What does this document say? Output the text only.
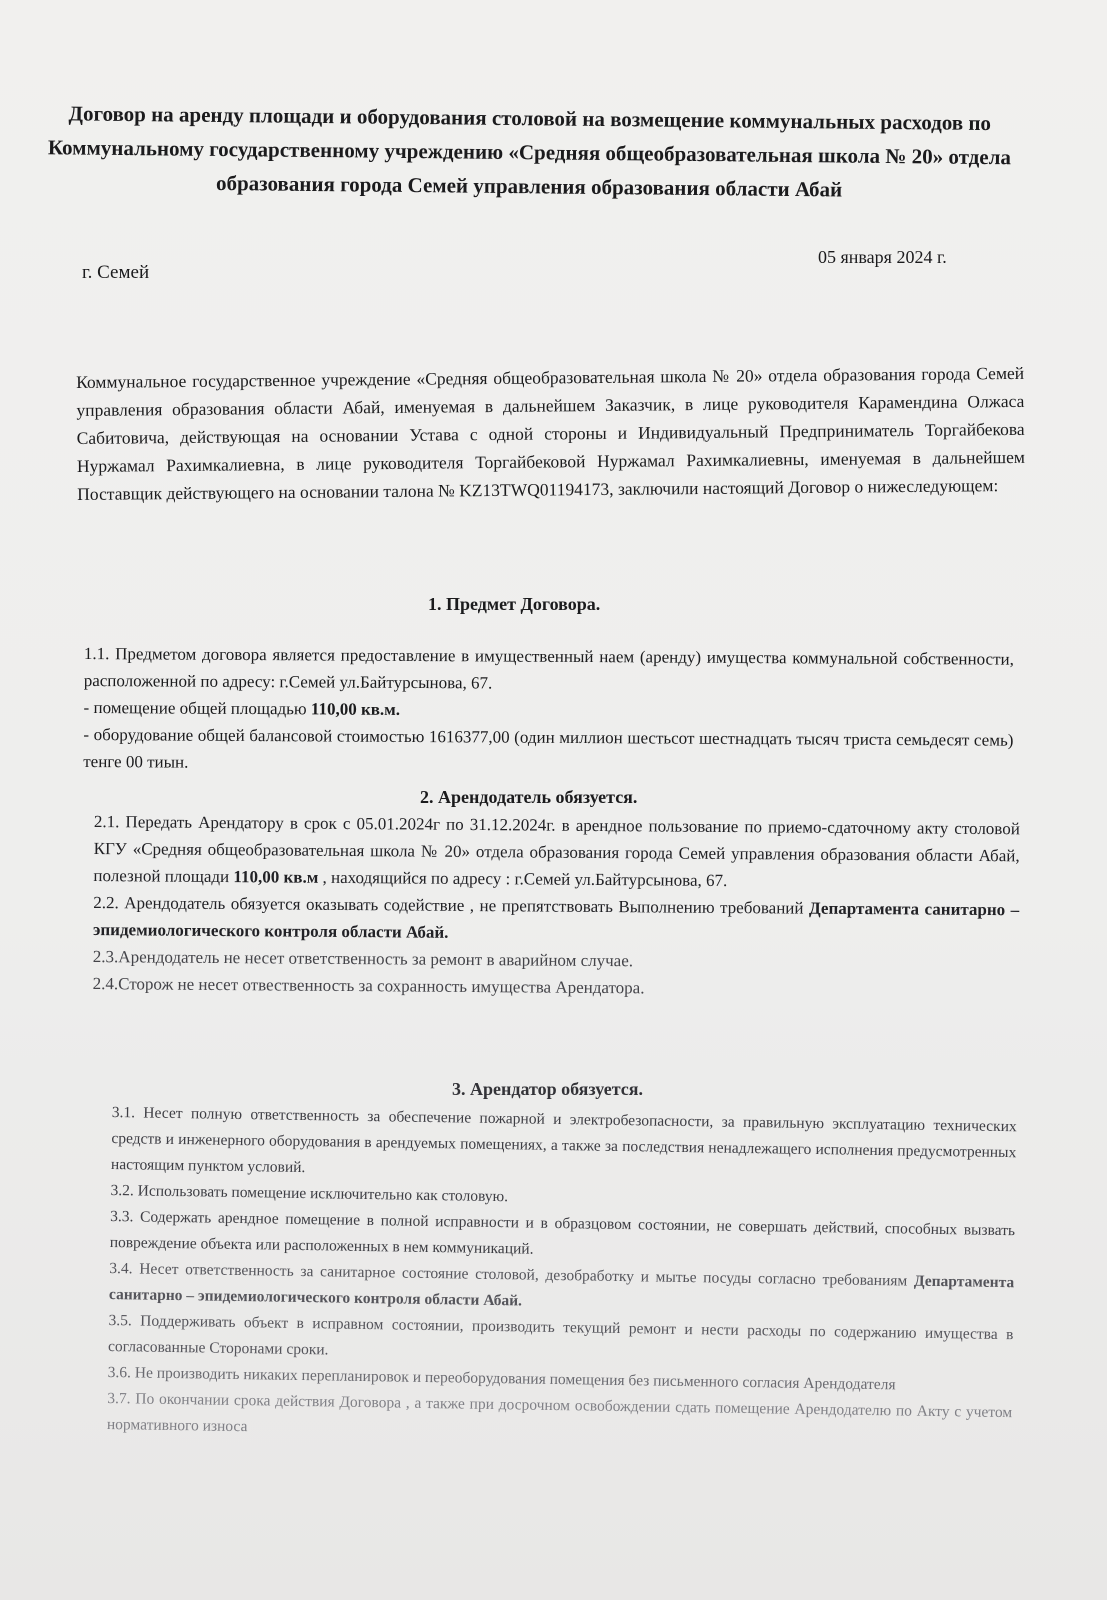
Договор на аренду площади и оборудования столовой на возмещение коммунальных расходов по Коммунальному государственному учреждению «Средняя общеобразовательная школа № 20» отдела образования города Семей управления образования области Абай
г. Семей
05 января 2024 г.

Коммунальное государственное учреждение «Средняя общеобразовательная школа № 20» отдела образования города Семей управления образования области Абай, именуемая в дальнейшем Заказчик, в лице руководителя Карамендина Олжаса Сабитовича, действующая на основании Устава с одной стороны и Индивидуальный Предприниматель Торгайбекова Нуржамал Рахимкалиевна, в лице руководителя Торгайбековой Нуржамал Рахимкалиевны, именуемая в дальнейшем Поставщик действующего на основании талона № KZ13TWQ01194173, заключили настоящий Договор о нижеследующем:

1. Предмет Договора.

1.1. Предметом договора является предоставление в имущественный наем (аренду) имущества коммунальной собственности, расположенной по адресу: г.Семей ул.Байтурсынова, 67.

- помещение общей площадью 110,00 кв.м.

- оборудование общей балансовой стоимостью 1616377,00 (один миллион шестьсот шестнадцать тысяч триста семьдесят семь) тенге 00 тиын.

2. Арендодатель обязуется.

2.1. Передать Арендатору в срок с 05.01.2024г по 31.12.2024г. в арендное пользование по приемо-сдаточному акту столовой КГУ «Средняя общеобразовательная школа № 20» отдела образования города Семей управления образования области Абай, полезной площади 110,00 кв.м , находящийся по адресу : г.Семей ул.Байтурсынова, 67.

2.2. Арендодатель обязуется оказывать содействие , не препятствовать Выполнению требований Департамента санитарно – эпидемиологического контроля области Абай.

2.3.Арендодатель не несет ответственность за ремонт в аварийном случае.

2.4.Сторож не несет отвественность за сохранность имущества Арендатора.

3. Арендатор обязуется.

3.1. Несет полную ответственность за обеспечение пожарной и электробезопасности, за правильную эксплуатацию технических средств и инженерного оборудования в арендуемых помещениях, а также за последствия ненадлежащего исполнения предусмотренных настоящим пунктом условий.

3.2. Использовать помещение исключительно как столовую.

3.3. Содержать арендное помещение в полной исправности и в образцовом состоянии, не совершать действий, способных вызвать повреждение объекта или расположенных в нем коммуникаций.

3.4. Несет ответственность за санитарное состояние столовой, дезобработку и мытье посуды согласно требованиям Департамента санитарно – эпидемиологического контроля области Абай.

3.5. Поддерживать объект в исправном состоянии, производить текущий ремонт и нести расходы по содержанию имущества в согласованные Сторонами сроки.

3.6. Не производить никаких перепланировок и переоборудования помещения без письменного согласия Арендодателя

3.7. По окончании срока действия Договора , а также при досрочном освобождении сдать помещение Арендодателю по Акту с учетом нормативного износа
